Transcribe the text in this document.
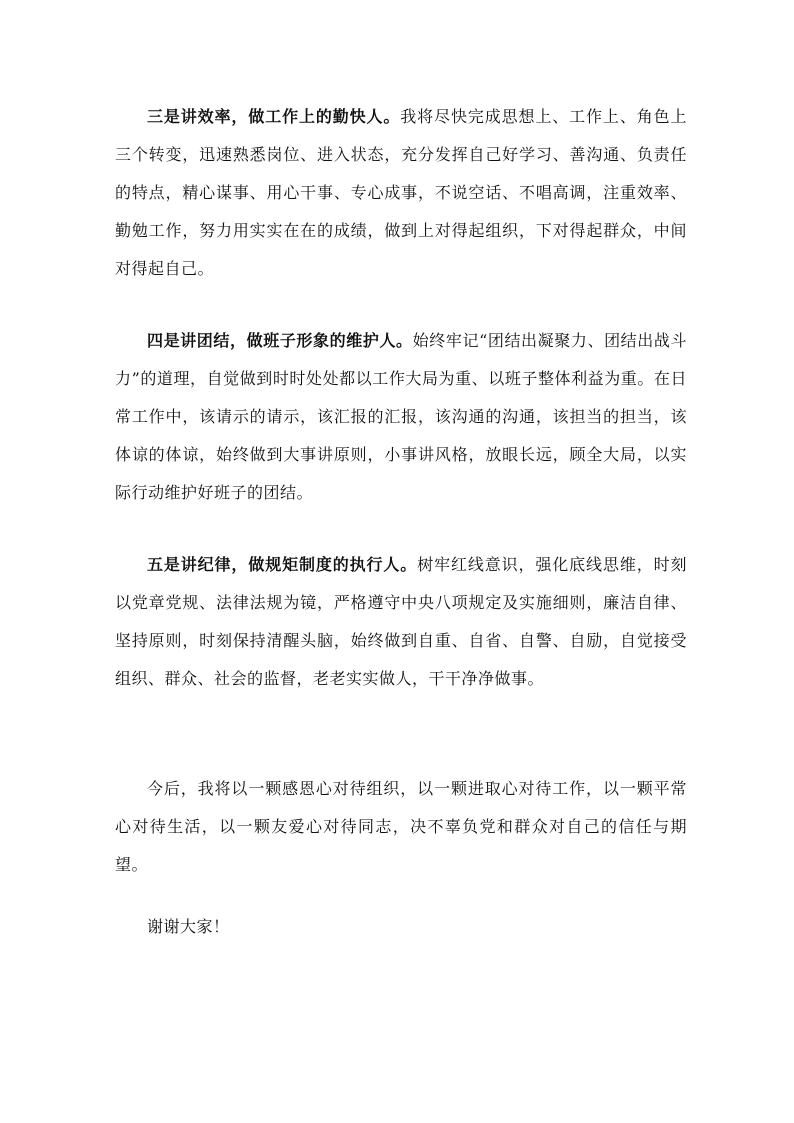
三是讲效率，做工作上的勤快人。我将尽快完成思想上、工作上、角色上三个转变，迅速熟悉岗位、进入状态，充分发挥自己好学习、善沟通、负责任的特点，精心谋事、用心干事、专心成事，不说空话、不唱高调，注重效率、勤勉工作，努力用实实在在的成绩，做到上对得起组织，下对得起群众，中间对得起自己。

四是讲团结，做班子形象的维护人。始终牢记“团结出凝聚力、团结出战斗力”的道理，自觉做到时时处处都以工作大局为重、以班子整体利益为重。在日常工作中，该请示的请示，该汇报的汇报，该沟通的沟通，该担当的担当，该体谅的体谅，始终做到大事讲原则，小事讲风格，放眼长远，顾全大局，以实际行动维护好班子的团结。

五是讲纪律，做规矩制度的执行人。树牢红线意识，强化底线思维，时刻以党章党规、法律法规为镜，严格遵守中央八项规定及实施细则，廉洁自律、坚持原则，时刻保持清醒头脑，始终做到自重、自省、自警、自励，自觉接受组织、群众、社会的监督，老老实实做人，干干净净做事。

今后，我将以一颗感恩心对待组织，以一颗进取心对待工作，以一颗平常心对待生活，以一颗友爱心对待同志，决不辜负党和群众对自己的信任与期望。

谢谢大家！
